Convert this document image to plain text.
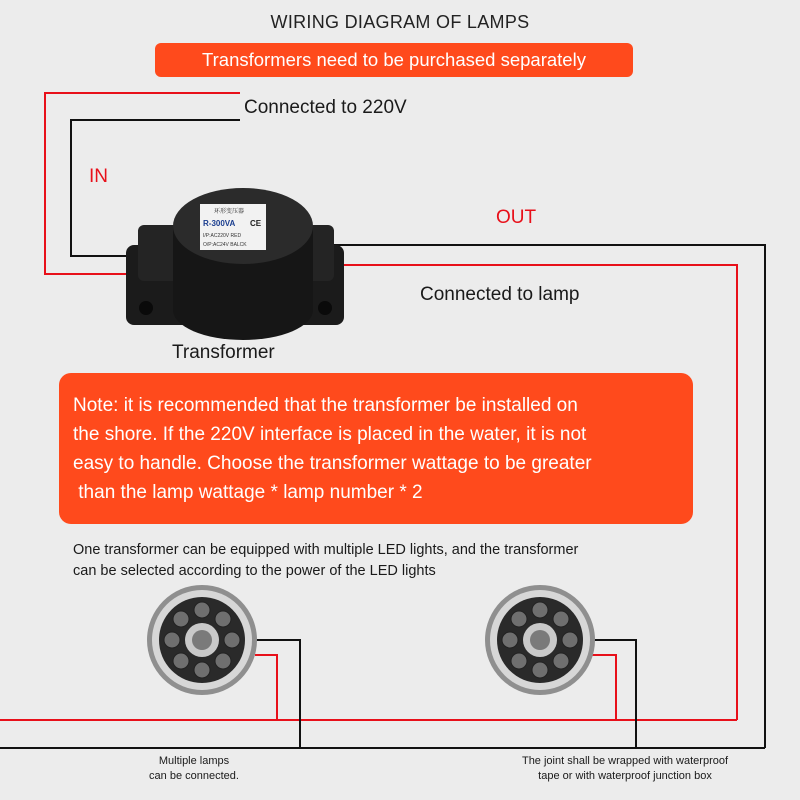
环形变压器
R-300VA CE
I/P:AC220V RED
O/P:AC24V BALCK
WIRING DIAGRAM OF LAMPS
Transformers need to be purchased separately
Connected to 220V
IN
OUT
Connected to lamp
Transformer
Note: it is recommended that the transformer be installed on
the shore. If the 220V interface is placed in the water, it is not
easy to handle. Choose the transformer wattage to be greater
than the lamp wattage * lamp number * 2
One transformer can be equipped with multiple LED lights, and the transformer
can be selected according to the power of the LED lights
Multiple lamps
can be connected.
The joint shall be wrapped with waterproof
tape or with waterproof junction box
